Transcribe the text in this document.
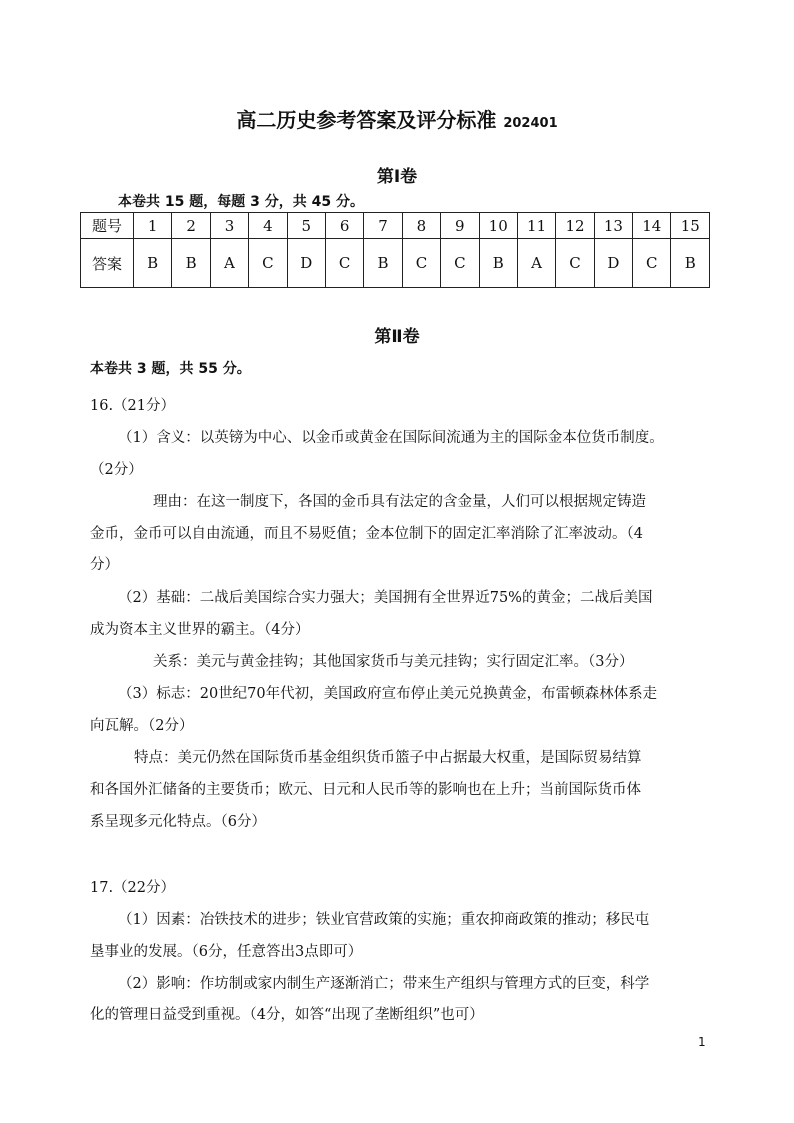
高二历史参考答案及评分标准 202401
第Ⅰ卷
本卷共 15 题，每题 3 分，共 45 分。
题号	1	2	3	4	5	6	7	8	9	10	11	12	13	14	15
答案	B	B	A	C	D	C	B	C	C	B	A	C	D	C	B
第Ⅱ卷
本卷共 3 题，共 55 分。
16.（21分）
（1）含义：以英镑为中心、以金币或黄金在国际间流通为主的国际金本位货币制度。
（2分）
理由：在这一制度下，各国的金币具有法定的含金量，人们可以根据规定铸造
金币，金币可以自由流通，而且不易贬值；金本位制下的固定汇率消除了汇率波动。（4
分）
（2）基础：二战后美国综合实力强大；美国拥有全世界近75%的黄金；二战后美国
成为资本主义世界的霸主。（4分）
关系：美元与黄金挂钩；其他国家货币与美元挂钩；实行固定汇率。（3分）
（3）标志：20世纪70年代初，美国政府宣布停止美元兑换黄金，布雷顿森林体系走
向瓦解。（2分）
特点：美元仍然在国际货币基金组织货币篮子中占据最大权重，是国际贸易结算
和各国外汇储备的主要货币；欧元、日元和人民币等的影响也在上升；当前国际货币体
系呈现多元化特点。（6分）
17.（22分）
（1）因素：冶铁技术的进步；铁业官营政策的实施；重农抑商政策的推动；移民屯
垦事业的发展。（6分，任意答出3点即可）
（2）影响：作坊制或家内制生产逐渐消亡；带来生产组织与管理方式的巨变，科学
化的管理日益受到重视。（4分，如答“出现了垄断组织”也可）
1
